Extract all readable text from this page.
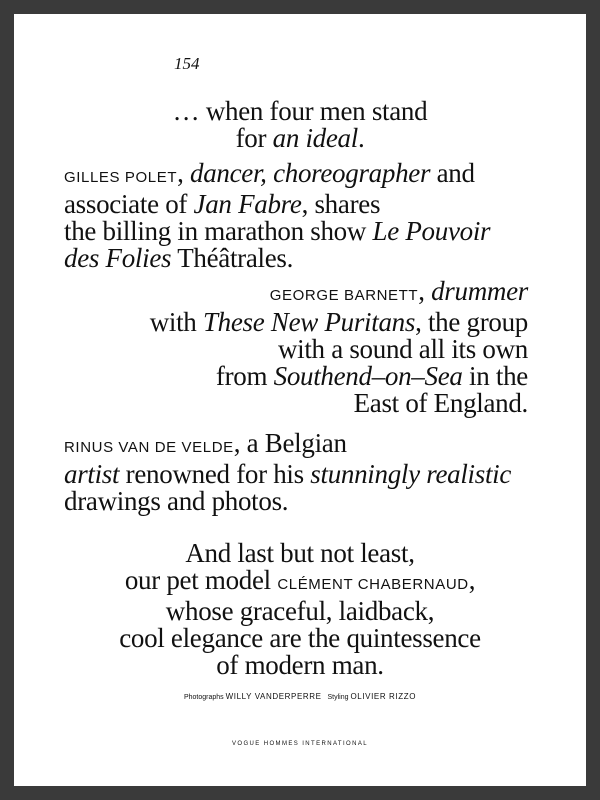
154
… when four men stand
for an ideal.
GILLES POLET, dancer, choreographer and
associate of Jan Fabre, shares
the billing in marathon show Le Pouvoir
des Folies Théâtrales.
GEORGE BARNETT, drummer
with These New Puritans, the group
with a sound all its own
from Southend–on–Sea in the
East of England.
RINUS VAN DE VELDE, a Belgian
artist renowned for his stunningly realistic
drawings and photos.
And last but not least,
our pet model CLÉMENT CHABERNAUD,
whose graceful, laidback,
cool elegance are the quintessence
of modern man.
Photographs WILLY VANDERPERRE Styling OLIVIER RIZZO
VOGUE HOMMES INTERNATIONAL
